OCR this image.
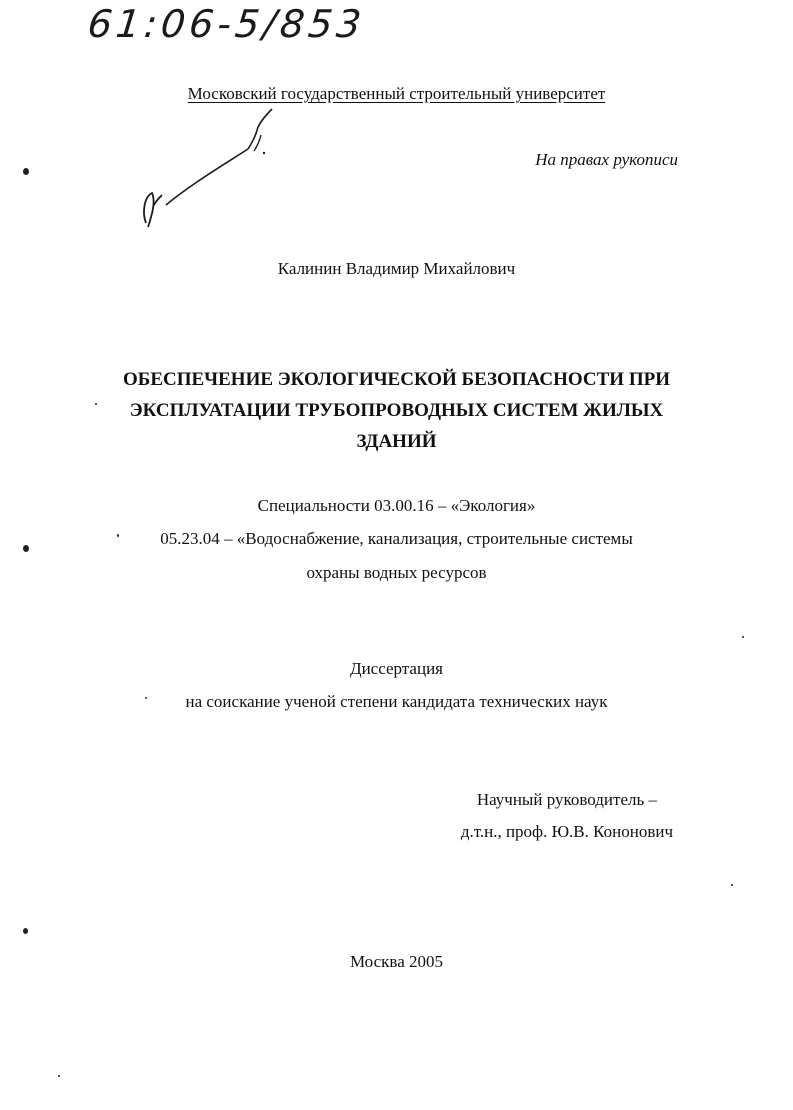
61:06-5/853
Московский государственный строительный университет
На правах рукописи
Калинин Владимир Михайлович
ОБЕСПЕЧЕНИЕ ЭКОЛОГИЧЕСКОЙ БЕЗОПАСНОСТИ ПРИ ЭКСПЛУАТАЦИИ ТРУБОПРОВОДНЫХ СИСТЕМ ЖИЛЫХ ЗДАНИЙ
Специальности 03.00.16 – «Экология»
05.23.04 – «Водоснабжение, канализация, строительные системы
охраны водных ресурсов
Диссертация
на соискание ученой степени кандидата технических наук
Научный руководитель –
д.т.н., проф. Ю.В. Кононович
Москва 2005
